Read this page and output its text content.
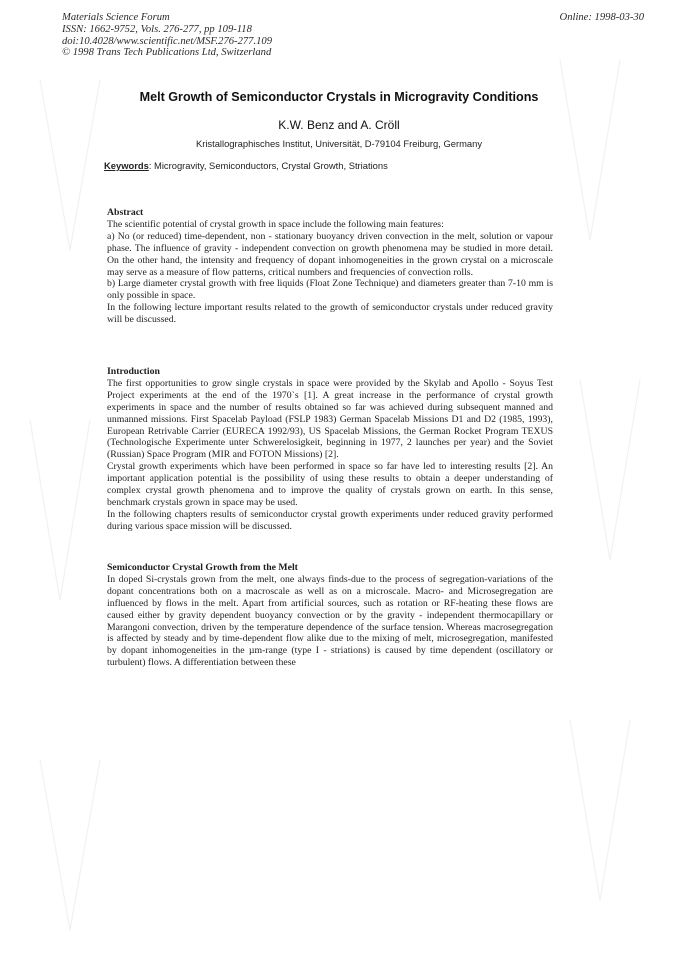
Materials Science Forum
ISSN: 1662-9752, Vols. 276-277, pp 109-118
doi:10.4028/www.scientific.net/MSF.276-277.109
© 1998 Trans Tech Publications Ltd, Switzerland
Online: 1998-03-30
Melt Growth of Semiconductor Crystals in Microgravity Conditions
K.W. Benz and A. Cröll
Kristallographisches Institut, Universität, D-79104 Freiburg, Germany
Keywords: Microgravity, Semiconductors, Crystal Growth, Striations
Abstract
The scientific potential of crystal growth in space include the following main features:
a) No (or reduced) time-dependent, non - stationary buoyancy driven convection in the melt, solution or vapour phase. The influence of gravity - independent convection on growth phenomena may be studied in more detail. On the other hand, the intensity and frequency of dopant inhomogeneities in the grown crystal on a microscale may serve as a measure of flow patterns, critical numbers and frequencies of convection rolls.
b) Large diameter crystal growth with free liquids (Float Zone Technique) and diameters greater than 7-10 mm is only possible in space.
In the following lecture important results related to the growth of semiconductor crystals under reduced gravity will be discussed.
Introduction
The first opportunities to grow single crystals in space were provided by the Skylab and Apollo - Soyus Test Project experiments at the end of the 1970`s [1]. A great increase in the performance of crystal growth experiments in space and the number of results obtained so far was achieved during subsequent manned and unmanned missions. First Spacelab Payload (FSLP 1983) German Spacelab Missions D1 and D2 (1985, 1993), European Retrivable Carrier (EURECA 1992/93), US Spacelab Missions, the German Rocket Program TEXUS (Technologische Experimente unter Schwerelosigkeit, beginning in 1977, 2 launches per year) and the Soviet (Russian) Space Program (MIR and FOTON Missions) [2].
Crystal growth experiments which have been performed in space so far have led to interesting results [2]. An important application potential is the possibility of using these results to obtain a deeper understanding of complex crystal growth phenomena and to improve the quality of crystals grown on earth. In this sense, benchmark crystals grown in space may be used.
In the following chapters results of semiconductor crystal growth experiments under reduced gravity performed during various space mission will be discussed.
Semiconductor Crystal Growth from the Melt
In doped Si-crystals grown from the melt, one always finds-due to the process of segregation-variations of the dopant concentrations both on a macroscale as well as on a microscale. Macro- and Microsegregation are influenced by flows in the melt. Apart from artificial sources, such as rotation or RF-heating these flows are caused either by gravity dependent buoyancy convection or by the gravity - independent thermocapillary or Marangoni convection, driven by the temperature dependence of the surface tension. Whereas macrosegregation is affected by steady and by time-dependent flow alike due to the mixing of melt, microsegregation, manifested by dopant inhomogeneities in the µm-range (type I - striations) is caused by time dependent (oscillatory or turbulent) flows. A differentiation between these
